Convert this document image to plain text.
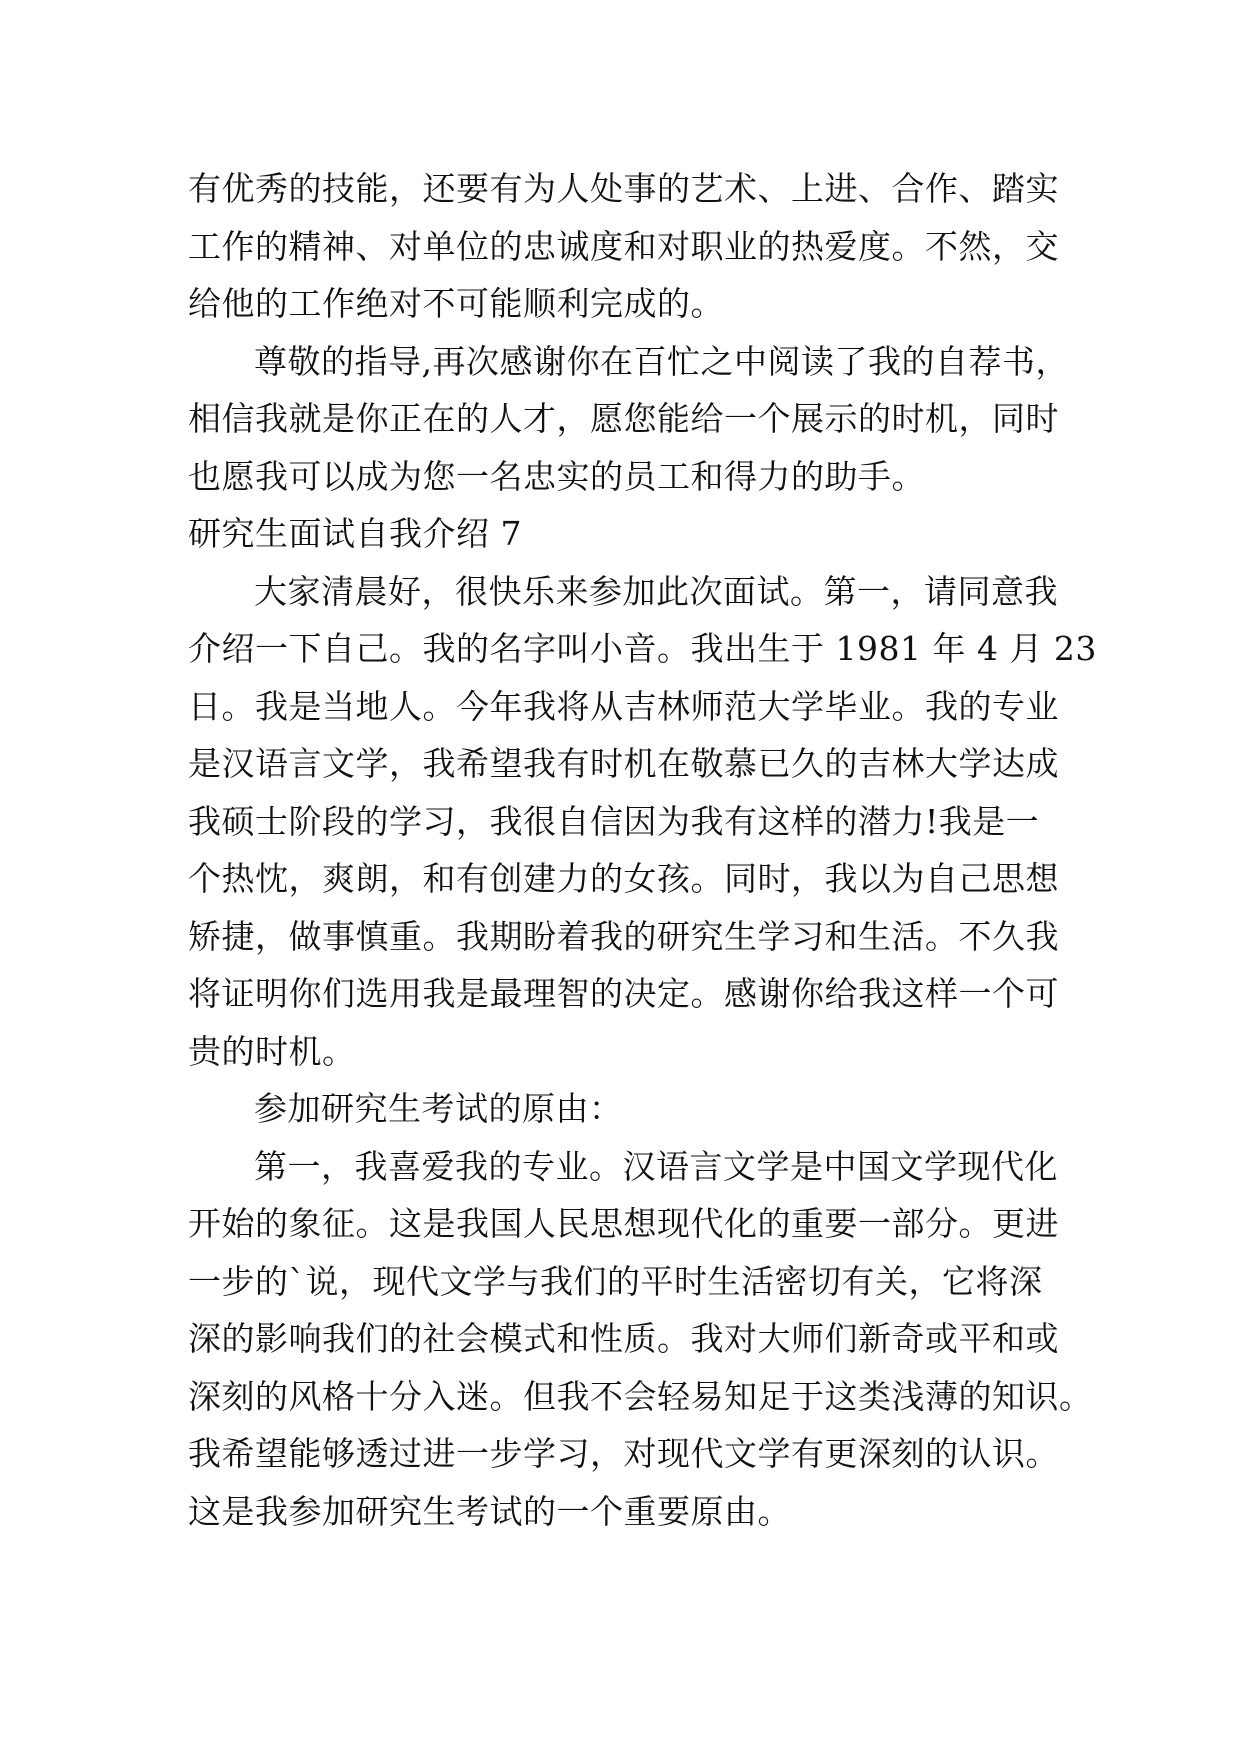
有优秀的技能，还要有为人处事的艺术、上进、合作、踏实
工作的精神、对单位的忠诚度和对职业的热爱度。不然，交
给他的工作绝对不可能顺利完成的。
尊敬的指导,再次感谢你在百忙之中阅读了我的自荐书，
相信我就是你正在的人才，愿您能给一个展示的时机，同时
也愿我可以成为您一名忠实的员工和得力的助手。
研究生面试自我介绍 7
大家清晨好，很快乐来参加此次面试。第一，请同意我
介绍一下自己。我的名字叫小音。我出生于 1981 年 4 月 23
日。我是当地人。今年我将从吉林师范大学毕业。我的专业
是汉语言文学，我希望我有时机在敬慕已久的吉林大学达成
我硕士阶段的学习，我很自信因为我有这样的潜力!我是一
个热忱，爽朗，和有创建力的女孩。同时，我以为自己思想
矫捷，做事慎重。我期盼着我的研究生学习和生活。不久我
将证明你们选用我是最理智的决定。感谢你给我这样一个可
贵的时机。
参加研究生考试的原由：
第一，我喜爱我的专业。汉语言文学是中国文学现代化
开始的象征。这是我国人民思想现代化的重要一部分。更进
一步的`说，现代文学与我们的平时生活密切有关，它将深
深的影响我们的社会模式和性质。我对大师们新奇或平和或
深刻的风格十分入迷。但我不会轻易知足于这类浅薄的知识。
我希望能够透过进一步学习，对现代文学有更深刻的认识。
这是我参加研究生考试的一个重要原由。
